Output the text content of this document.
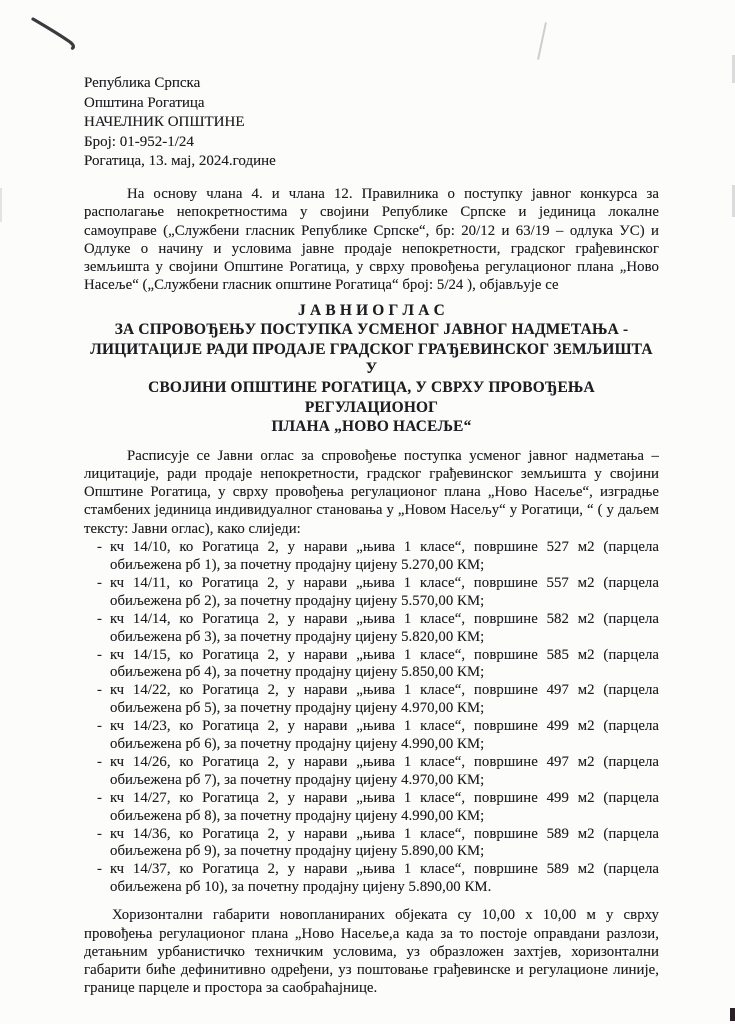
Република Српска
Општина Рогатица
НАЧЕЛНИК ОПШТИНЕ
Број: 01-952-1/24
Рогатица, 13. мај, 2024.године

На основу члана 4. и члана 12. Правилника о поступку јавног конкурса за располагање непокретностима у својини Републике Српске и јединица локалне самоуправе („Службени гласник Републике Српске“, бр: 20/12 и 63/19 – одлука УС) и Одлуке о начину и условима јавне продаје непокретности, градског грађевинског земљишта у својини Општине Рогатица, у сврху провођења регулационог плана „Ново Насеље“ („Службени гласник општине Рогатица“ број: 5/24 ), објављује се

Ј А В Н И О Г Л А С
ЗА СПРОВОЂЕЊУ ПОСТУПКА УСМЕНОГ ЈАВНОГ НАДМЕТАЊА -
ЛИЦИТАЦИЈЕ РАДИ ПРОДАЈЕ ГРАДСКОГ ГРАЂЕВИНСКОГ ЗЕМЉИШТА У
СВОЈИНИ ОПШТИНЕ РОГАТИЦА, У СВРХУ ПРОВОЂЕЊА РЕГУЛАЦИОНОГ
ПЛАНА „НОВО НАСЕЉЕ“

Расписује се Јавни оглас за спровођење поступка усменог јавног надметања – лицитације, ради продаје непокретности, градског грађевинског земљишта у својини Општине Рогатица, у сврху провођења регулационог плана „Ново Насеље“, изградње стамбених јединица индивидуалног становања у „Новом Насељу“ у Рогатици, “ ( у даљем тексту: Јавни оглас), како слиједи:

- кч 14/10, ко Рогатица 2, у нарави „њива 1 класе“, површине 527 м2 (парцела обиљежена рб 1), за почетну продајну цијену 5.270,00 КМ;
- кч 14/11, ко Рогатица 2, у нарави „њива 1 класе“, површине 557 м2 (парцела обиљежена рб 2), за почетну продајну цијену 5.570,00 КМ;
- кч 14/14, ко Рогатица 2, у нарави „њива 1 класе“, површине 582 м2 (парцела обиљежена рб 3), за почетну продајну цијену 5.820,00 КМ;
- кч 14/15, ко Рогатица 2, у нарави „њива 1 класе“, површине 585 м2 (парцела обиљежена рб 4), за почетну продајну цијену 5.850,00 КМ;
- кч 14/22, ко Рогатица 2, у нарави „њива 1 класе“, површине 497 м2 (парцела обиљежена рб 5), за почетну продајну цијену 4.970,00 КМ;
- кч 14/23, ко Рогатица 2, у нарави „њива 1 класе“, површине 499 м2 (парцела обиљежена рб 6), за почетну продајну цијену 4.990,00 КМ;
- кч 14/26, ко Рогатица 2, у нарави „њива 1 класе“, површине 497 м2 (парцела обиљежена рб 7), за почетну продајну цијену 4.970,00 КМ;
- кч 14/27, ко Рогатица 2, у нарави „њива 1 класе“, површине 499 м2 (парцела обиљежена рб 8), за почетну продајну цијену 4.990,00 КМ;
- кч 14/36, ко Рогатица 2, у нарави „њива 1 класе“, површине 589 м2 (парцела обиљежена рб 9), за почетну продајну цијену 5.890,00 КМ;
- кч 14/37, ко Рогатица 2, у нарави „њива 1 класе“, површине 589 м2 (парцела обиљежена рб 10), за почетну продајну цијену 5.890,00 КМ.

Хоризонтални габарити новопланираних објеката су 10,00 х 10,00 м у сврху провођења регулационог плана „Ново Насеље,а када за то постоје оправдани разлози, детањним урбанистичко техничким условима, уз образложен захтјев, хоризонтални габарити биће дефинитивно одређени, уз поштовање грађевинске и регулационе линије, границе парцеле и простора за саобраћајнице.
